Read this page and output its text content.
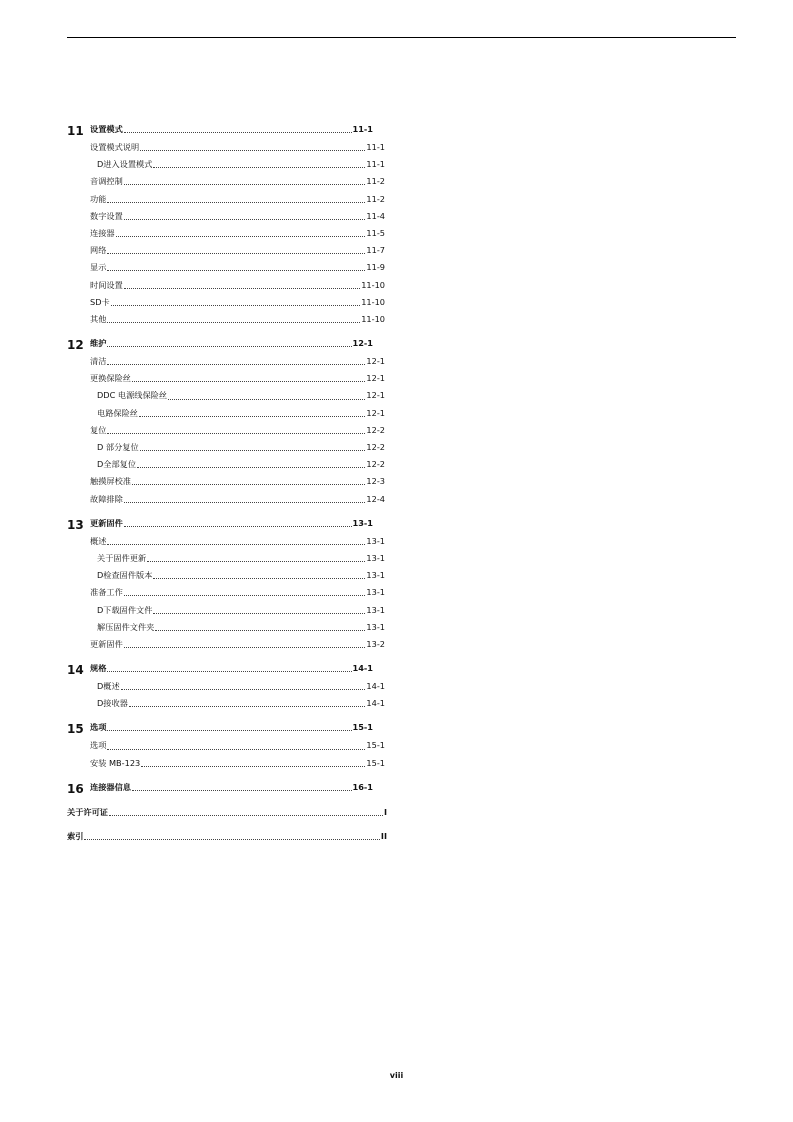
11 设置模式	11-1
设置模式说明	11-1
D进入设置模式	11-1
音调控制	11-2
功能	11-2
数字设置	11-4
连接器	11-5
网络	11-7
显示	11-9
时间设置	11-10
SD卡	11-10
其他	11-10
12 维护	12-1
清洁	12-1
更换保险丝	12-1
DDC 电源线保险丝	12-1
电路保险丝	12-1
复位	12-2
D 部分复位	12-2
D全部复位	12-2
触摸屏校准	12-3
故障排除	12-4
13 更新固件	13-1
概述	13-1
关于固件更新	13-1
D检查固件版本	13-1
准备工作	13-1
D下载固件文件	13-1
解压固件文件夹	13-1
更新固件	13-2
14 规格	14-1
D概述	14-1
D接收器	14-1
15 选项	15-1
选项	15-1
安装 MB-123	15-1
16 连接器信息	16-1
关于许可证	I
索引	II
viii
